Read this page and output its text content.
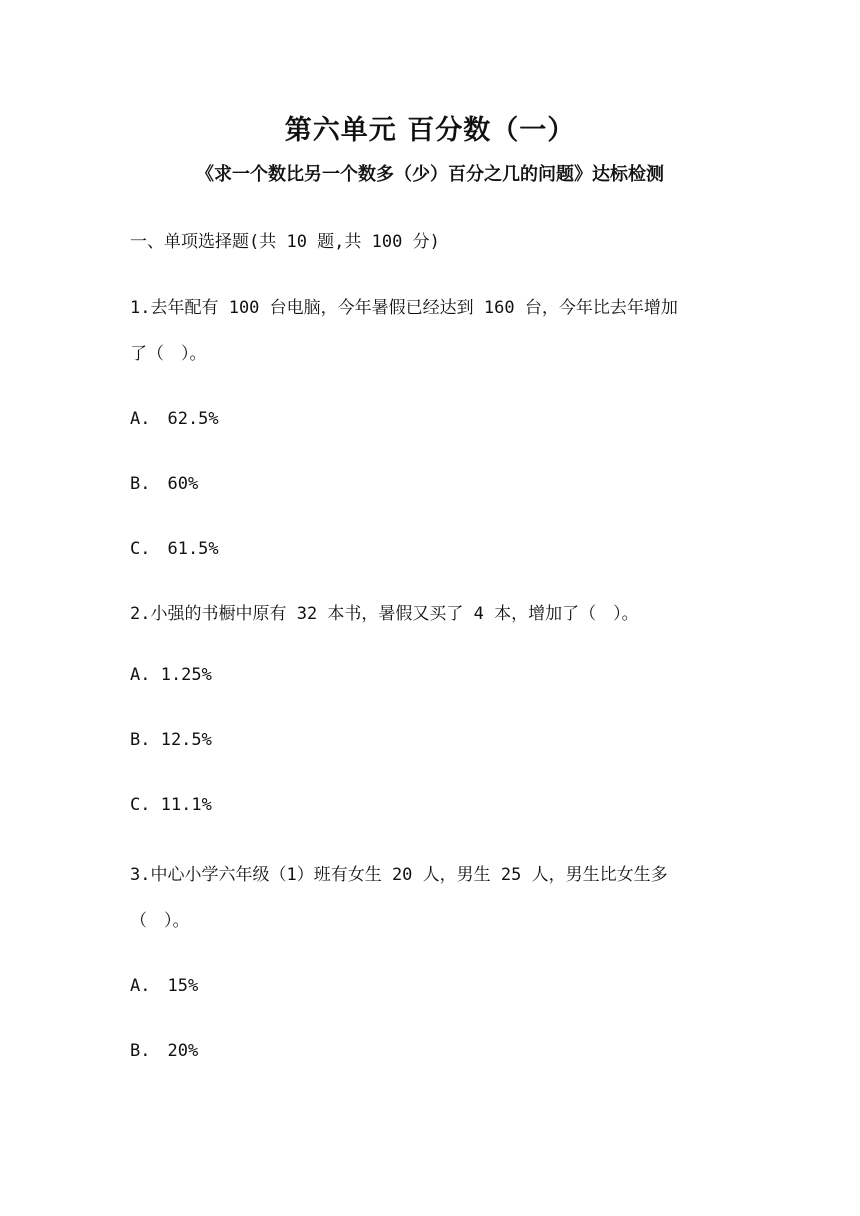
第六单元 百分数（一）
《求一个数比另一个数多（少）百分之几的问题》达标检测
一、单项选择题(共 10 题,共 100 分)
1.去年配有 100 台电脑，今年暑假已经达到 160 台，今年比去年增加
了（　）。
A.　62.5%
B.　60%
C.　61.5%
2.小强的书橱中原有 32 本书，暑假又买了 4 本，增加了（　）。
A. 1.25%
B. 12.5%
C. 11.1%
3.中心小学六年级（1）班有女生 20 人，男生 25 人，男生比女生多
（　）。
A.　15%
B.　20%
